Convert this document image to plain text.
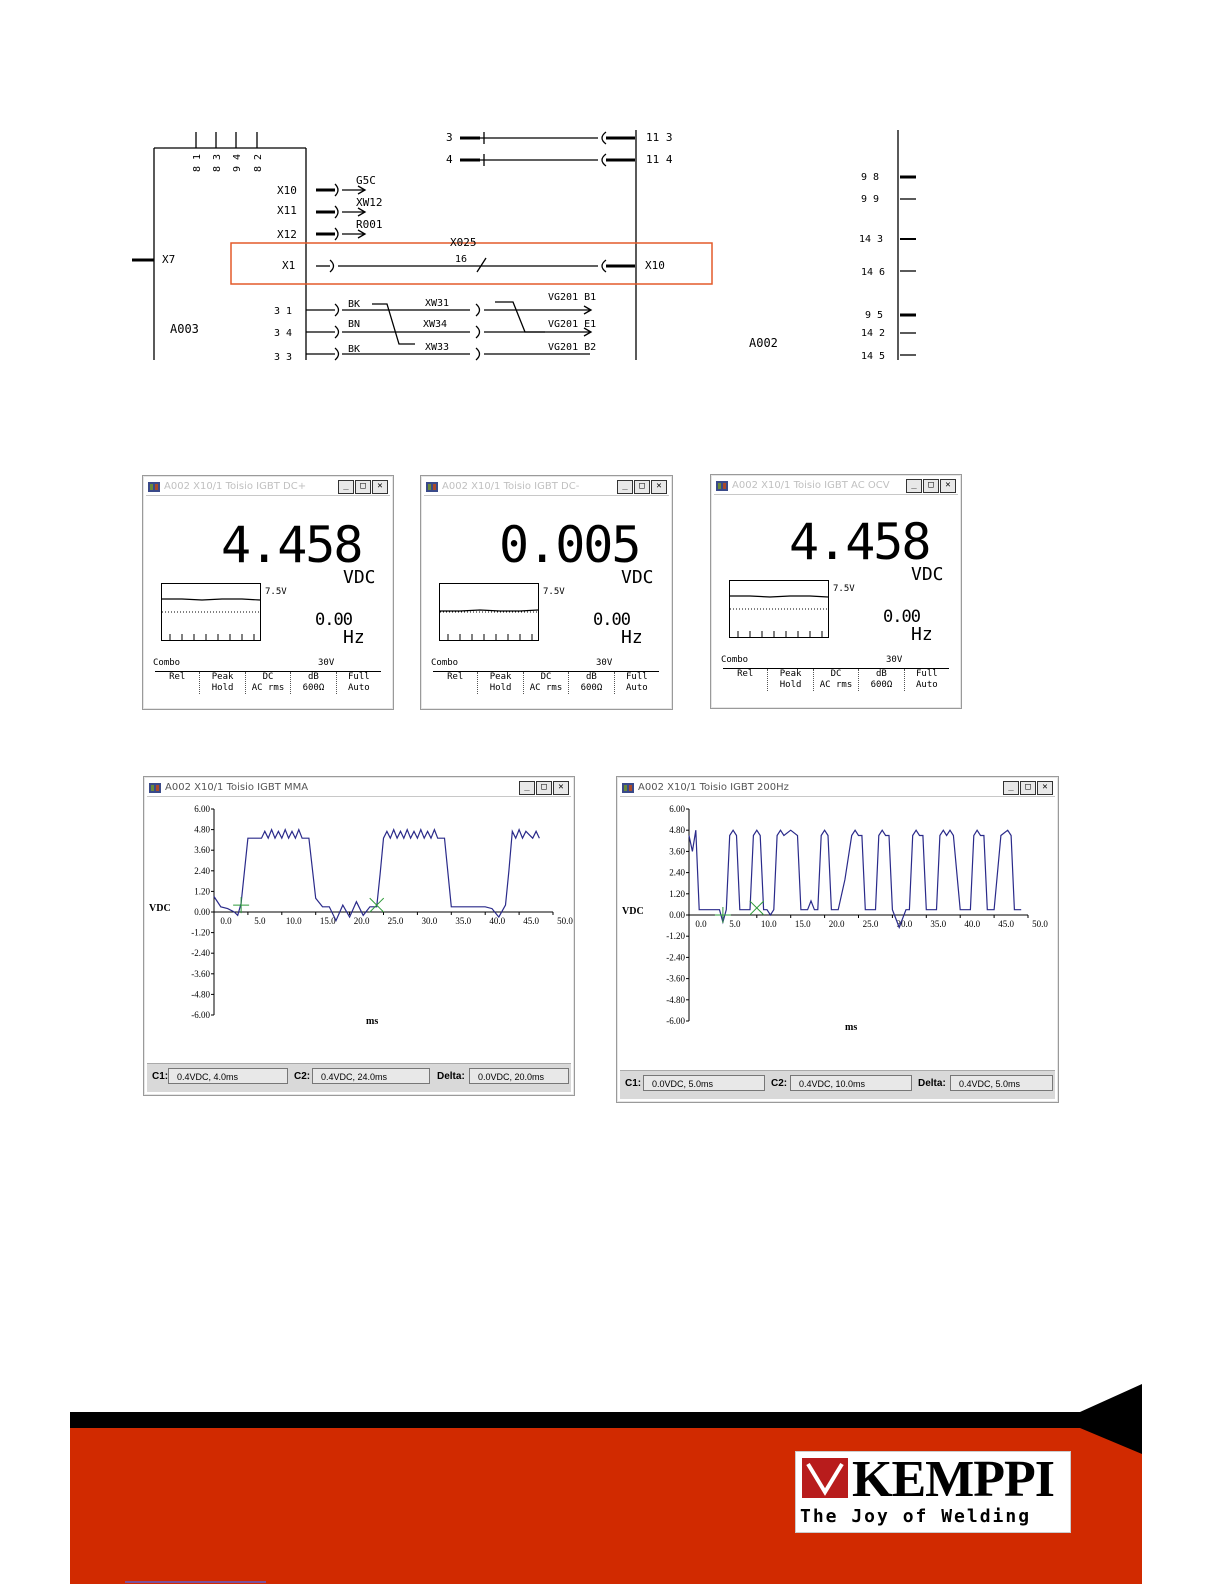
8 1 8 3 9 4 8 2
X10
X11
X12
G5C
XW12
R001
X7
A003
A002
X1
X025
16	X10
3	11 3
4	11 4
3 1
BK	XW31
VG201 B1
3 4
BN	XW34	VG201 E1
3 3
BK	XW33	VG201 B2
9 8
9 9
14 3
14 6
9 5
14 2
14 5
A002 X10/1 Toisio IGBT DC+	_	□	✕
4.458
VDC
7.5V
0.00
Hz
Combo	30V
Rel	Peak
Hold
DC
AC rms
dB
600Ω
Full
Auto
A002 X10/1 Toisio IGBT DC-	_	□	✕
0.005
VDC
7.5V
0.00
Hz
Combo	30V
Rel	Peak
Hold
DC
AC rms
dB
600Ω
Full
Auto
A002 X10/1 Toisio IGBT AC OCV	_	□	✕
4.458
VDC
7.5V
0.00
Hz
Combo	30V
Rel	Peak
Hold
DC
AC rms
dB
600Ω
Full
Auto
A002 X10/1 Toisio IGBT MMA	_	□	✕
VDC
ms
6.00
4.80
3.60
2.40
1.20
0.00
-1.20
-2.40
-3.60
-4.80
-6.00
0.0	5.0 10.0 15.0 20.0 25.0 30.0 35.0 40.0 45.0 50.0
C1: 0.4VDC, 4.0ms	C2:	0.4VDC, 24.0ms	Delta:	0.0VDC, 20.0ms
A002 X10/1 Toisio IGBT 200Hz	_	□	✕
VDC
ms
6.00
4.80
3.60
2.40
1.20
0.00
-1.20
-2.40
-3.60
-4.80
-6.00
0.0	5.0 10.0 15.0 20.0 25.0 30.0 35.0 40.0 45.0 50.0
C1:	0.0VDC, 5.0ms	C2:	0.4VDC, 10.0ms	Delta:	0.4VDC, 5.0ms
KEMPPI
The Joy of Welding
